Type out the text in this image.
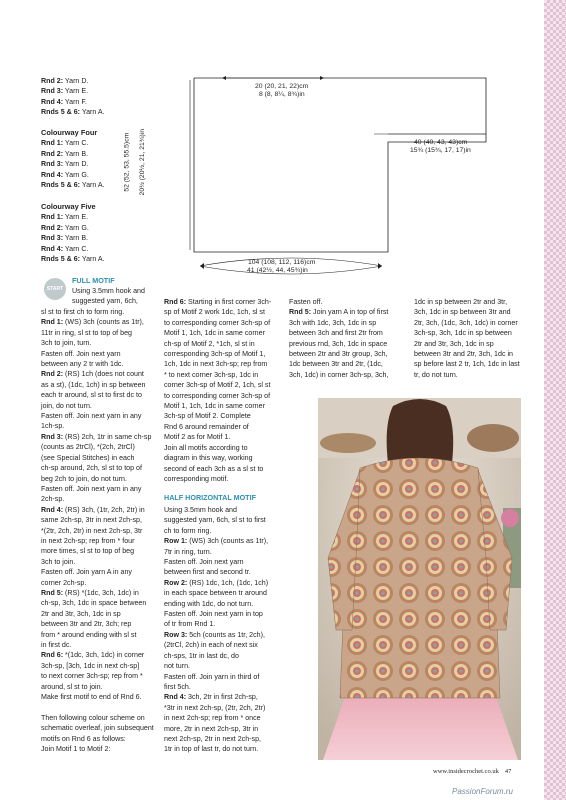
Rnd 2: Yarn D.
Rnd 3: Yarn E.
Rnd 4: Yarn F.
Rnds 5 & 6: Yarn A.
Colourway Four
Rnd 1: Yarn C.
Rnd 2: Yarn B.
Rnd 3: Yarn D.
Rnd 4: Yarn G.
Rnds 5 & 6: Yarn A.
Colourway Five
Rnd 1: Yarn E.
Rnd 2: Yarn G.
Rnd 3: Yarn B.
Rnd 4: Yarn C.
Rnds 5 & 6: Yarn A.
20 (20, 21, 22)cm
8 (8, 8¼, 8¾)in
40 (40, 43, 43)cm
15¾ (15¾, 17, 17)in
52 (52, 53, 55.5)cm 20½ (20½, 21, 21¾)in
104 (108, 112, 116)cm
41 (42½, 44, 45¾)in
START
FULL MOTIF
Using 3.5mm hook and
suggested yarn, 6ch,
sl st to first ch to form ring.
Rnd 1: (WS) 3ch (counts as 1tr),
11tr in ring, sl st to top of beg
3ch to join, turn.
Fasten off. Join next yarn
between any 2 tr with 1dc.
Rnd 2: (RS) 1ch (does not count
as a st), (1dc, 1ch) in sp between
each tr around, sl st to first dc to
join, do not turn.
Fasten off. Join next yarn in any
1ch-sp.
Rnd 3: (RS) 2ch, 1tr in same ch-sp
(counts as 2trCl), *(2ch, 2trCl)
(see Special Stitches) in each
ch-sp around, 2ch, sl st to top of
beg 2ch to join, do not turn.
Fasten off. Join next yarn in any
2ch-sp.
Rnd 4: (RS) 3ch, (1tr, 2ch, 2tr) in
same 2ch-sp, 3tr in next 2ch-sp,
*(2tr, 2ch, 2tr) in next 2ch-sp, 3tr
in next 2ch-sp; rep from * four
more times, sl st to top of beg
3ch to join.
Fasten off. Join yarn A in any
corner 2ch-sp.
Rnd 5: (RS) *(1dc, 3ch, 1dc) in
ch-sp, 3ch, 1dc in space between
2tr and 3tr, 3ch, 1dc in sp
between 3tr and 2tr, 3ch; rep
from * around ending with sl st
in first dc.
Rnd 6: *(1dc, 3ch, 1dc) in corner
3ch-sp, [3ch, 1dc in next ch-sp]
to next corner 3ch-sp; rep from *
around, sl st to join.
Make first motif to end of Rnd 6.

Then following colour scheme on
schematic overleaf, join subsequent
motifs on Rnd 6 as follows:
Join Motif 1 to Motif 2:
Rnd 6: Starting in first corner 3ch-
sp of Motif 2 work 1dc, 1ch, sl st
to corresponding corner 3ch-sp of
Motif 1, 1ch, 1dc in same corner
ch-sp of Motif 2, *1ch, sl st in
corresponding 3ch-sp of Motif 1,
1ch, 1dc in next 3ch-sp; rep from
* to next corner 3ch-sp, 1dc in
corner 3ch-sp of Motif 2, 1ch, sl st
to corresponding corner 3ch-sp of
Motif 1, 1ch, 1dc in same corner
3ch-sp of Motif 2. Complete
Rnd 6 around remainder of
Motif 2 as for Motif 1.
Join all motifs according to
diagram in this way, working
second of each 3ch as a sl st to
corresponding motif.
HALF HORIZONTAL MOTIF
Using 3.5mm hook and
suggested yarn, 6ch, sl st to first
ch to form ring.
Row 1: (WS) 3ch (counts as 1tr),
7tr in ring, turn.
Fasten off. Join next yarn
between first and second tr.
Row 2: (RS) 1dc, 1ch, (1dc, 1ch)
in each space between tr around
ending with 1dc, do not turn.
Fasten off. Join next yarn in top
of tr from Rnd 1.
Row 3: 5ch (counts as 1tr, 2ch),
(2trCl, 2ch) in each of next six
ch-sps, 1tr in last dc, do
not turn.
Fasten off. Join yarn in third of
first 5ch.
Rnd 4: 3ch, 2tr in first 2ch-sp,
*3tr in next 2ch-sp, (2tr, 2ch, 2tr)
in next 2ch-sp; rep from * once
more, 2tr in next 2ch-sp, 3tr in
next 2ch-sp, 2tr in next 2ch-sp,
1tr in top of last tr, do not turn.
Fasten off.
Rnd 5: Join yarn A in top of first
3ch with 1dc, 3ch, 1dc in sp
between 3ch and first 2tr from
previous rnd, 3ch, 1dc in space
between 2tr and 3tr group, 3ch,
1dc between 3tr and 2tr, (1dc,
3ch, 1dc) in corner 3ch-sp, 3ch,
1dc in sp between 2tr and 3tr,
3ch, 1dc in sp between 3tr and
2tr, 3ch, (1dc, 3ch, 1dc) in corner
3ch-sp, 3ch, 1dc in sp between
2tr and 3tr, 3ch, 1dc in sp
between 3tr and 2tr, 3ch, 1dc in
sp before last 2 tr, 1ch, 1dc in last
tr, do not turn.
www.insidecrochet.co.uk 47
PassionForum.ru
